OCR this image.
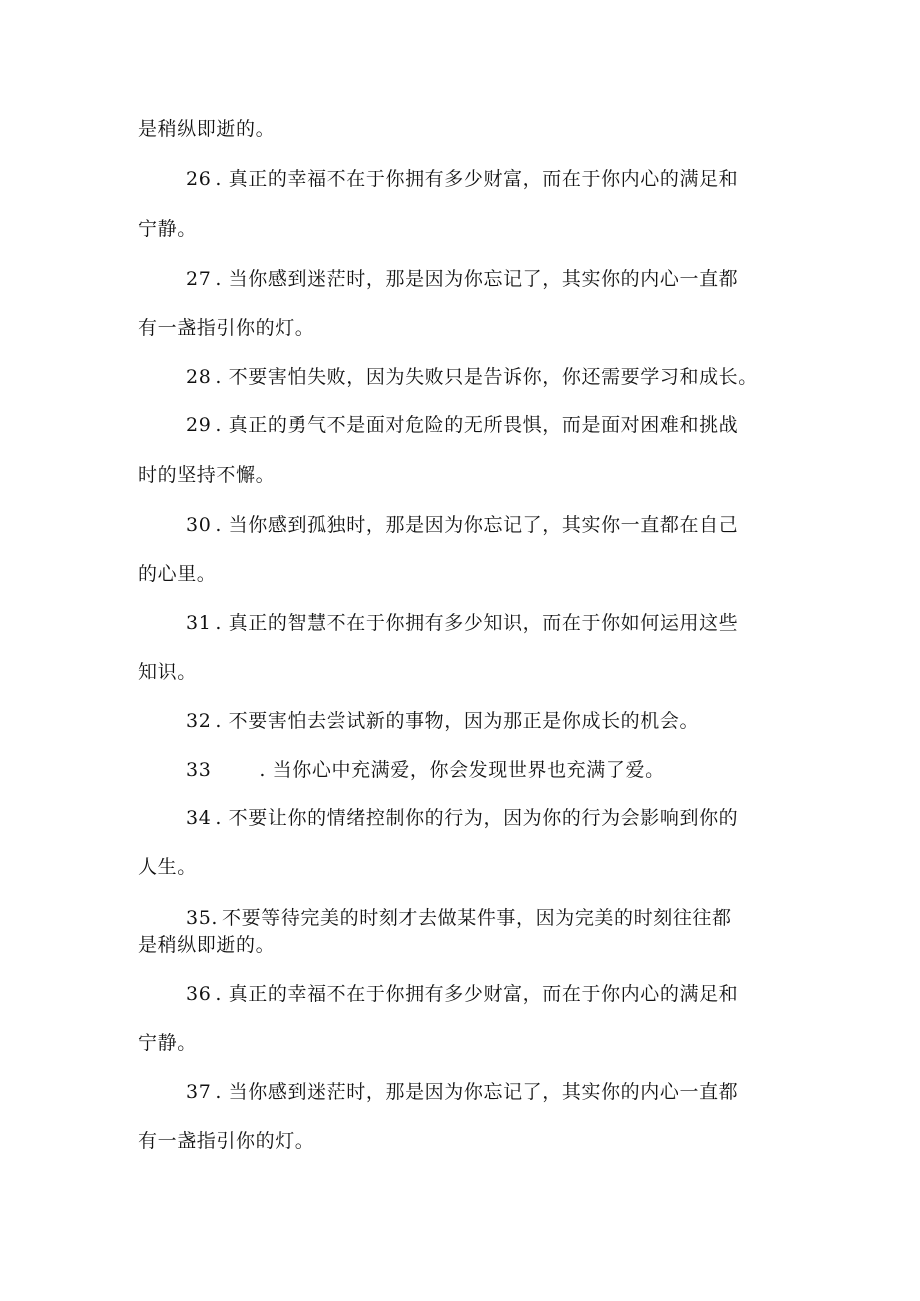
是稍纵即逝的。
26 . 真正的幸福不在于你拥有多少财富，而在于你内心的满足和
宁静。
27 . 当你感到迷茫时，那是因为你忘记了，其实你的内心一直都
有一盏指引你的灯。
28 . 不要害怕失败，因为失败只是告诉你，你还需要学习和成长。
29 . 真正的勇气不是面对危险的无所畏惧，而是面对困难和挑战
时的坚持不懈。
30 . 当你感到孤独时，那是因为你忘记了，其实你一直都在自己
的心里。
31 . 真正的智慧不在于你拥有多少知识，而在于你如何运用这些
知识。
32 . 不要害怕去尝试新的事物，因为那正是你成长的机会。
33	. 当你心中充满爱，你会发现世界也充满了爱。
34 . 不要让你的情绪控制你的行为，因为你的行为会影响到你的
人生。
35. 不要等待完美的时刻才去做某件事，因为完美的时刻往往都
是稍纵即逝的。
36 . 真正的幸福不在于你拥有多少财富，而在于你内心的满足和
宁静。
37 . 当你感到迷茫时，那是因为你忘记了，其实你的内心一直都
有一盏指引你的灯。
